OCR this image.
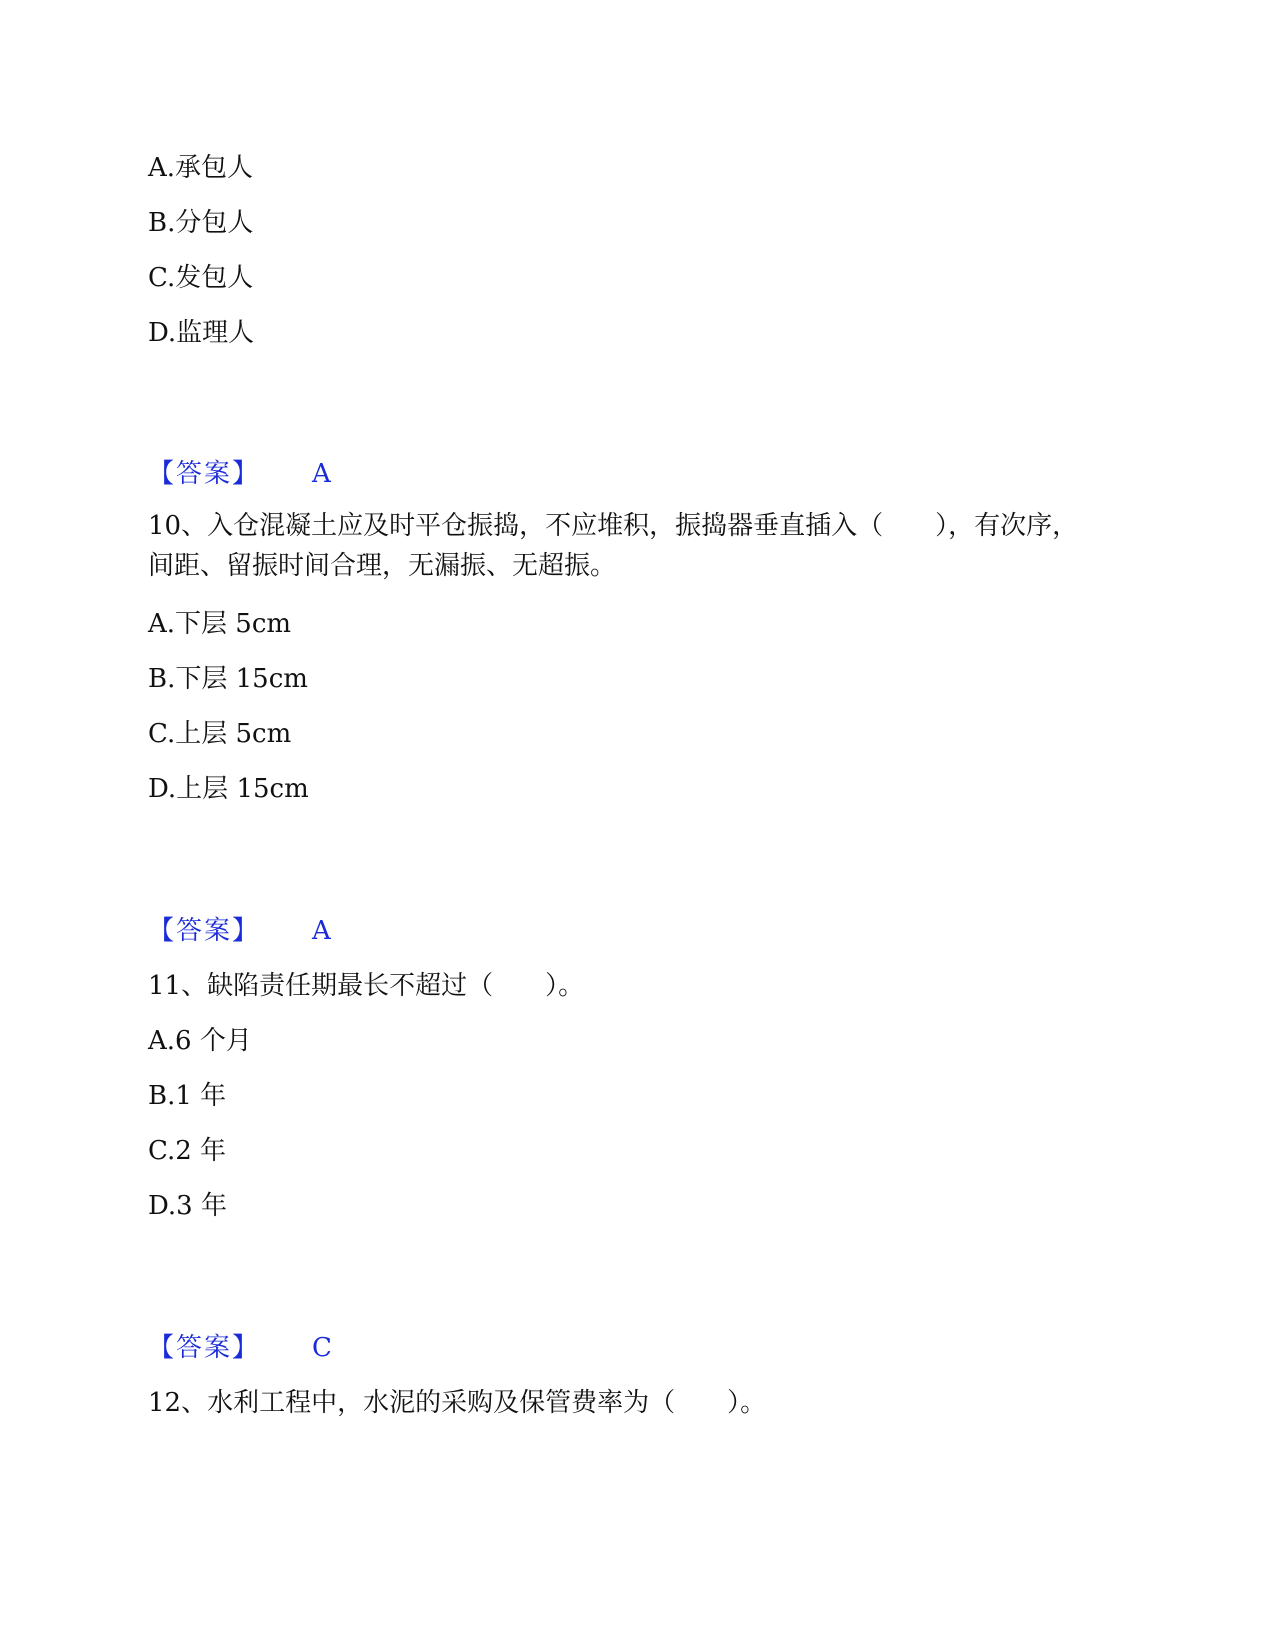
A.承包人
B.分包人
C.发包人
D.监理人
【答案】 A
10、入仓混凝土应及时平仓振捣，不应堆积，振捣器垂直插入（　　），有次序，间距、留振时间合理，无漏振、无超振。
A.下层 5cm
B.下层 15cm
C.上层 5cm
D.上层 15cm
【答案】 A
11、缺陷责任期最长不超过（　　）。
A.6 个月
B.1 年
C.2 年
D.3 年
【答案】 C
12、水利工程中，水泥的采购及保管费率为（　　）。
